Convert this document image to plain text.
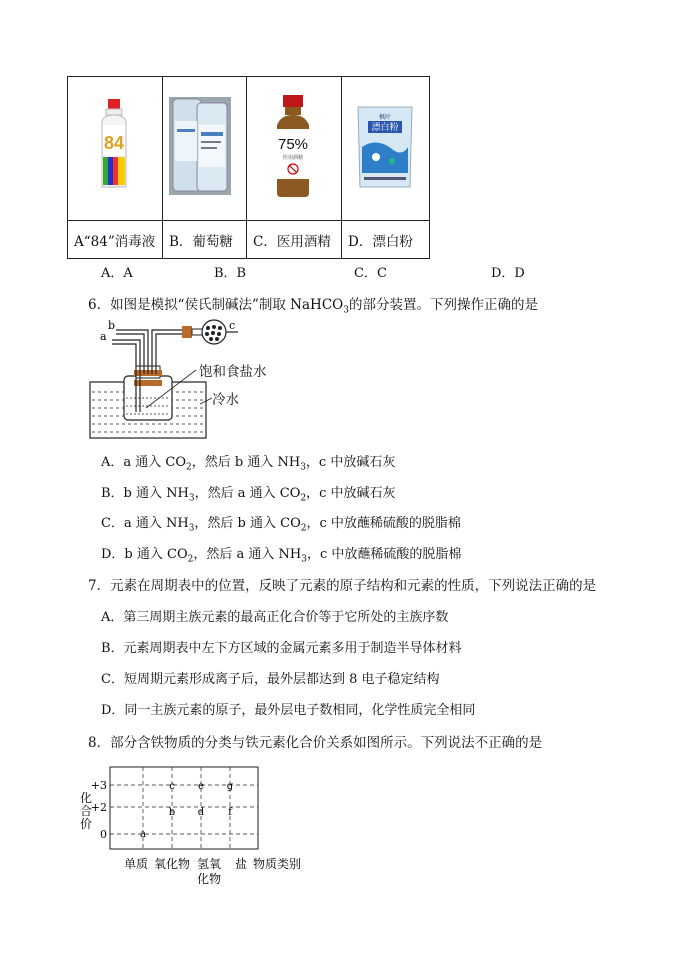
84		75%
医用酒精	枫叶
漂白粉

A“84”消毒液	B．葡萄糖	C．医用酒精	D．漂白粉
A．A	B．B	C．C	D．D
6．如图是模拟“侯氏制碱法”制取 NaHCO$_3$的部分装置。下列操作正确的是
c
b
a
饱和食盐水
冷水
A．a 通入 $CO_2$，然后 b 通入 $NH_3$，c 中放碱石灰
B．b 通入 $NH_3$，然后 a 通入 $CO_2$，c 中放碱石灰
C．a 通入 $NH_3$，然后 b 通入 $CO_2$，c 中放蘸稀硫酸的脱脂棉
D．b 通入 $CO_2$，然后 a 通入 $NH_3$，c 中放蘸稀硫酸的脱脂棉
7．元素在周期表中的位置，反映了元素的原子结构和元素的性质，下列说法正确的是
A．第三周期主族元素的最高正化合价等于它所处的主族序数
B．元素周期表中左下方区域的金属元素多用于制造半导体材料
C．短周期元素形成离子后，最外层都达到 8 电子稳定结构
D．同一主族元素的原子，最外层电子数相同，化学性质完全相同
8．部分含铁物质的分类与铁元素化合价关系如图所示。下列说法不正确的是
化
合
价
+3
+2
0	a
b
c
d
e
f
g
单质 氧化物 氢氧
化物
盐 物质类别
